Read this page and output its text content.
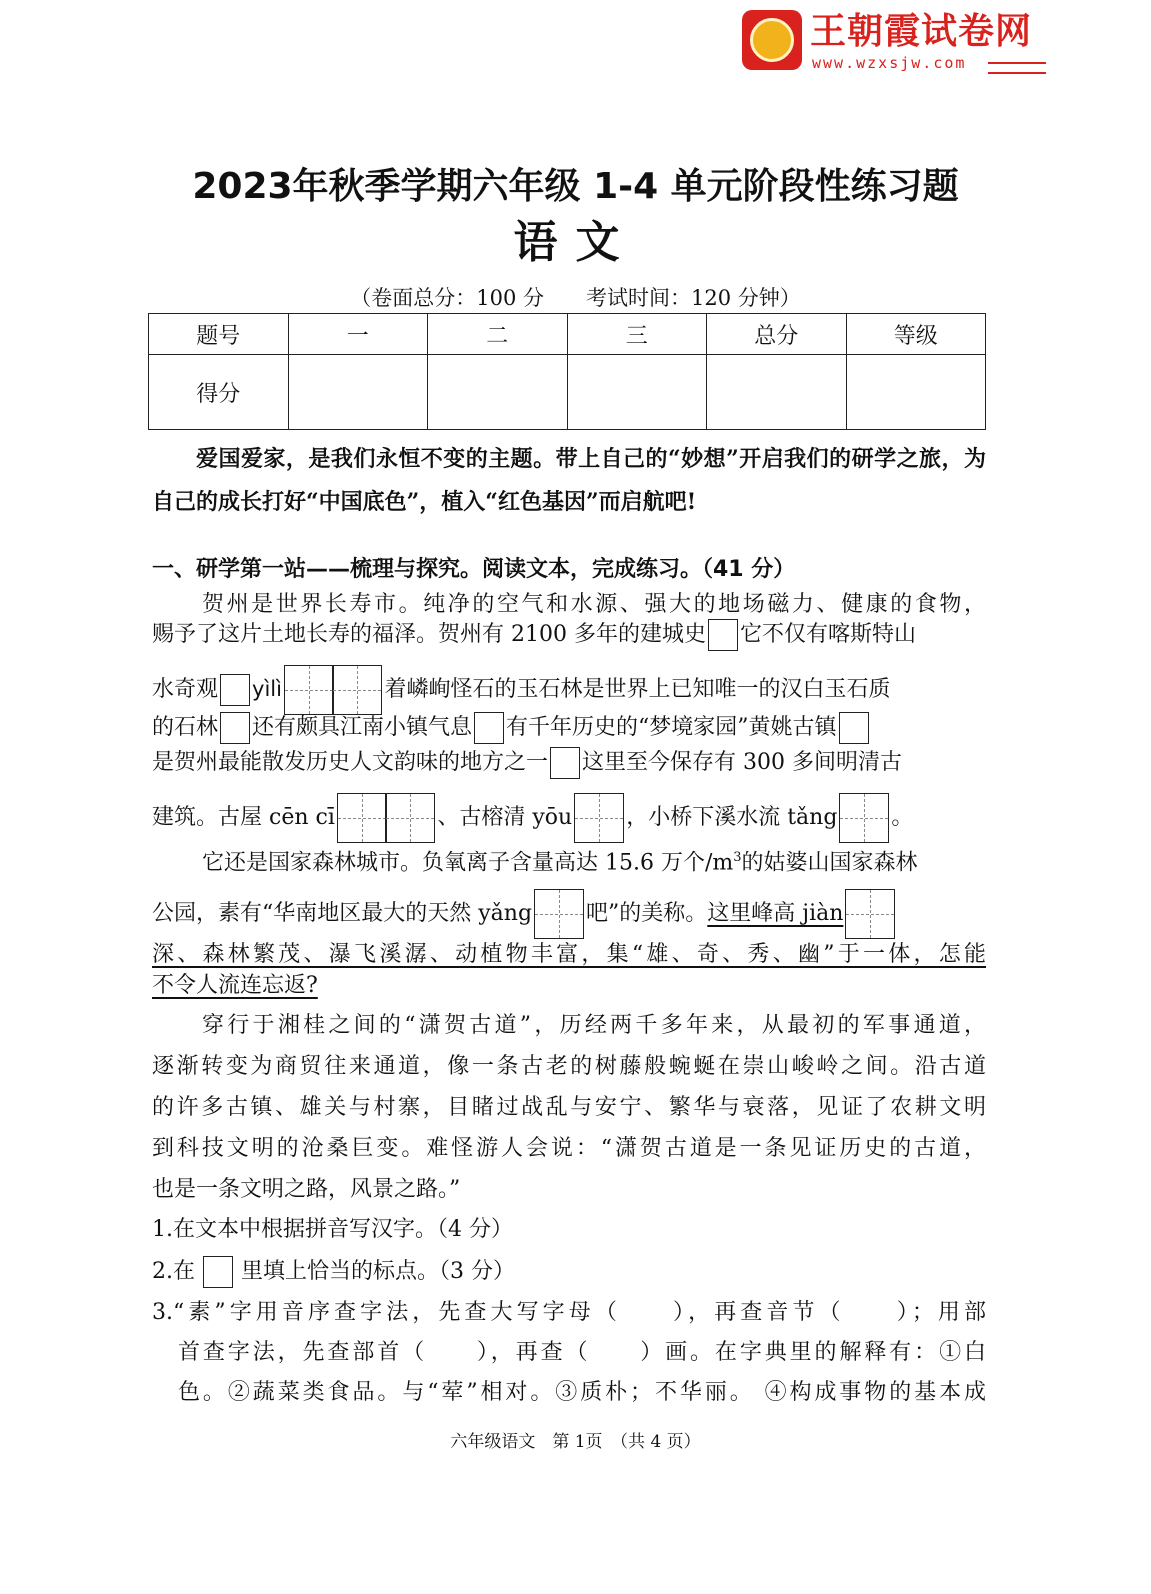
王朝霞试卷网
www.wzxsjw.com
2023年秋季学期六年级 1-4 单元阶段性练习题
语文
（卷面总分：100 分　　考试时间：120 分钟）
题号	一	二	三	总分	等级
得分					
爱国爱家，是我们永恒不变的主题。带上自己的“妙想”开启我们的研学之旅，为自己的成长打好“中国底色”，植入“红色基因”而启航吧!
一、研学第一站——梳理与探究。阅读文本，完成练习。（41 分）
贺州是世界长寿市。纯净的空气和水源、强大的地场磁力、健康的食物，
赐予了这片土地长寿的福泽。贺州有 2100 多年的建城史 它不仅有喀斯特山
水奇观 yìlì	着嶙峋怪石的玉石林是世界上已知唯一的汉白玉石质
的石林 还有颇具江南小镇气息 有千年历史的“梦境家园”黄姚古镇
是贺州最能散发历史人文韵味的地方之一 这里至今保存有 300 多间明清古
建筑。古屋 cēn cī	、古榕清 yōu ，小桥下溪水流 tǎng 。
它还是国家森林城市。负氧离子含量高达 15.6 万个$/m^3$的姑婆山国家森林
公园，素有“华南地区最大的天然 yǎng 吧”的美称。这里峰高 jiàn
深、森林繁茂、瀑飞溪潺、动植物丰富，集“雄、奇、秀、幽”于一体，怎能
不令人流连忘返?
穿行于湘桂之间的“潇贺古道”，历经两千多年来，从最初的军事通道，
逐渐转变为商贸往来通道，像一条古老的树藤般蜿蜒在崇山峻岭之间。沿古道
的许多古镇、雄关与村寨，目睹过战乱与安宁、繁华与衰落，见证了农耕文明
到科技文明的沧桑巨变。难怪游人会说：“潇贺古道是一条见证历史的古道，
也是一条文明之路，风景之路。”
1.在文本中根据拼音写汉字。（4 分）
2.在 里填上恰当的标点。（3 分）
3.“素”字用音序查字法，先查大写字母（　　），再查音节（　　）；用部
首查字法，先查部首（　　），再查（　　）画。在字典里的解释有：①白
色。②蔬菜类食品。与“荤”相对。③质朴；不华丽。 ④构成事物的基本成
六年级语文　第 1页　（共 4 页）
